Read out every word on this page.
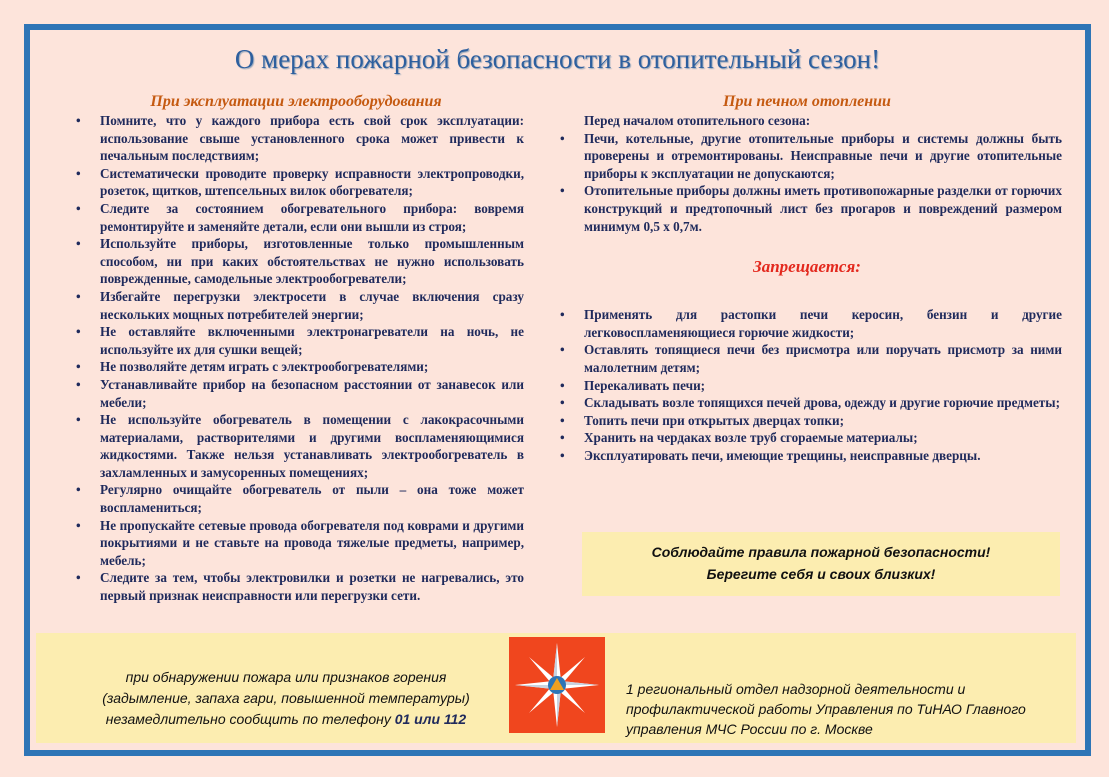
О мерах пожарной безопасности в отопительный сезон!
При эксплуатации электрооборудования
• Помните, что у каждого прибора есть свой срок эксплуатации: использование свыше установленного срока может привести к печальным последствиям;
• Систематически проводите проверку исправности электропроводки, розеток, щитков, штепсельных вилок обогревателя;
• Следите за состоянием обогревательного прибора: вовремя ремонтируйте и заменяйте детали, если они вышли из строя;
• Используйте приборы, изготовленные только промышленным способом, ни при каких обстоятельствах не нужно использовать поврежденные, самодельные электрообогреватели;
• Избегайте перегрузки электросети в случае включения сразу нескольких мощных потребителей энергии;
• Не оставляйте включенными электронагреватели на ночь, не используйте их для сушки вещей;
• Не позволяйте детям играть с электрообогревателями;
• Устанавливайте прибор на безопасном расстоянии от занавесок или мебели;
• Не используйте обогреватель в помещении с лакокрасочными материалами, растворителями и другими воспламеняющимися жидкостями. Также нельзя устанавливать электрообогреватель в захламленных и замусоренных помещениях;
• Регулярно очищайте обогреватель от пыли – она тоже может воспламениться;
• Не пропускайте сетевые провода обогревателя под коврами и другими покрытиями и не ставьте на провода тяжелые предметы, например, мебель;
• Следите за тем, чтобы электровилки и розетки не нагревались, это первый признак неисправности или перегрузки сети.
При печном отоплении
Перед началом отопительного сезона:
• Печи, котельные, другие отопительные приборы и системы должны быть проверены и отремонтированы. Неисправные печи и другие отопительные приборы к эксплуатации не допускаются;
• Отопительные приборы должны иметь противопожарные разделки от горючих конструкций и предтопочный лист без прогаров и повреждений размером минимум 0,5 х 0,7м.
Запрещается:
• Применять для растопки печи керосин, бензин и другие легковоспламеняющиеся горючие жидкости;
• Оставлять топящиеся печи без присмотра или поручать присмотр за ними малолетним детям;
• Перекаливать печи;
• Складывать возле топящихся печей дрова, одежду и другие горючие предметы;
• Топить печи при открытых дверцах топки;
• Хранить на чердаках возле труб сгораемые материалы;
• Эксплуатировать печи, имеющие трещины, неисправные дверцы.
Соблюдайте правила пожарной безопасности!
Берегите себя и своих близких!
при обнаружении пожара или признаков горения
(задымление, запаха гари, повышенной температуры)
незамедлительно сообщить по телефону 01 или 112
1 региональный отдел надзорной деятельности и профилактической работы Управления по ТиНАО Главного управления МЧС России по г. Москве
